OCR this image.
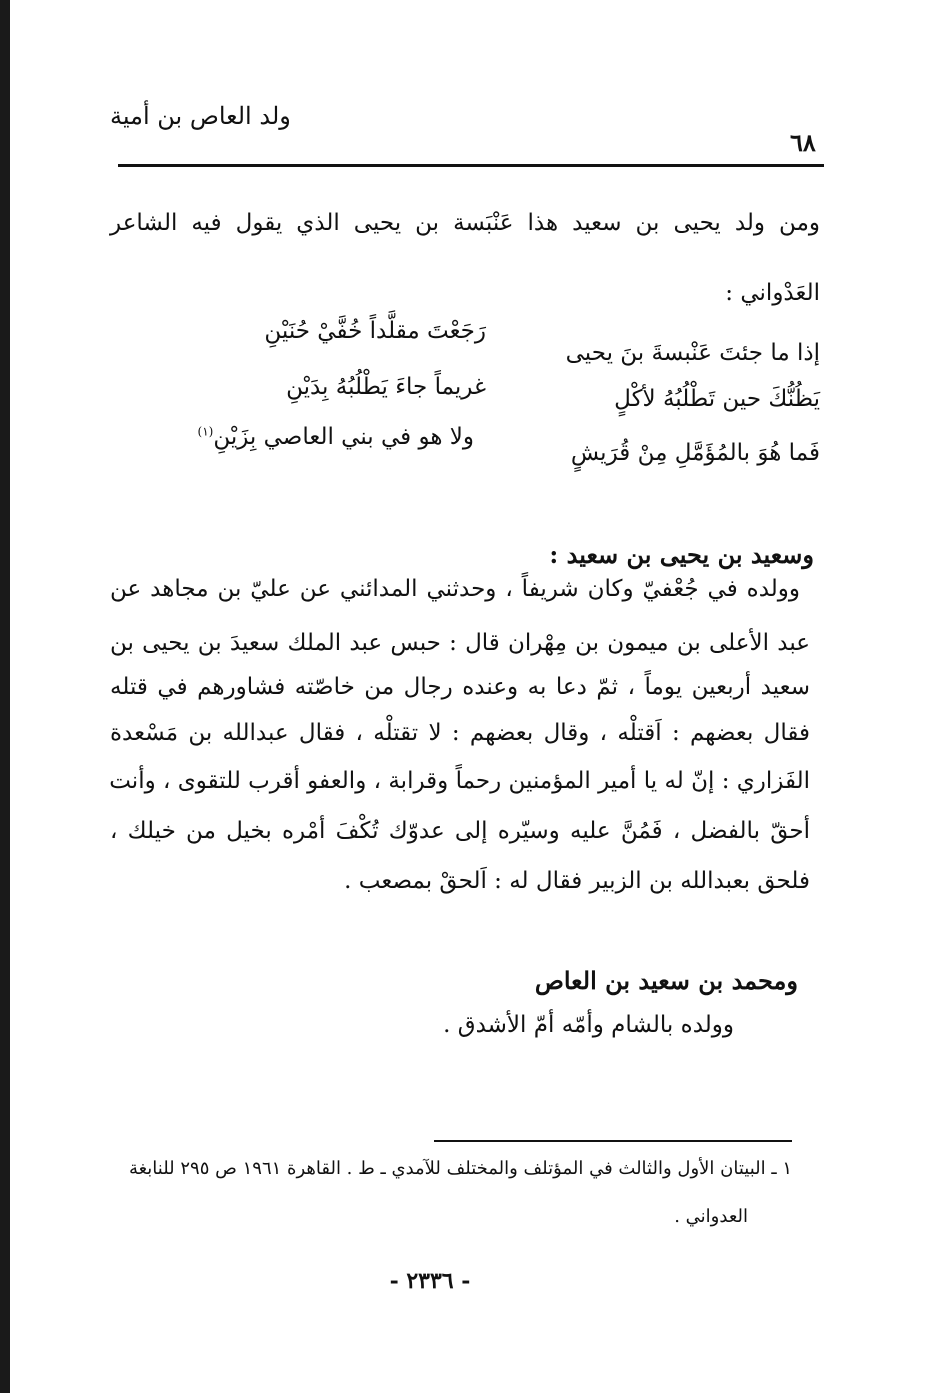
ولد العاص بن أمية
٦٨
ومن ولد يحيى بن سعيد هذا عَنْبَسة بن يحيى الذي يقول فيه الشاعر
العَدْواني :
إذا ما جئتَ عَنْبسةَ بنَ يحيى
رَجَعْتَ مقلَّداً خُفَّيْ حُنَيْنِ
يَظُنُّكَ حين تَطْلُبُهُ لأكْلٍ
غريماً جاءَ يَطْلُبُهُ بِدَيْنِ
فَما هُوَ بالمُؤَمَّلِ مِنْ قُرَيشٍ
ولا هو في بني العاصي بِزَيْنِ$^{(١)}$
وسعيد بن يحيى بن سعيد :
وولده في جُعْفيّ وكان شريفاً ، وحدثني المدائني عن عليّ بن مجاهد عن
عبد الأعلى بن ميمون بن مِهْران قال : حبس عبد الملك سعيدَ بن يحيى بن
سعيد أربعين يوماً ، ثمّ دعا به وعنده رجال من خاصّته فشاورهم في قتله
فقال بعضهم : اَقتلْه ، وقال بعضهم : لا تقتلْه ، فقال عبدالله بن مَسْعدة
الفَزاري : إنّ له يا أمير المؤمنين رحماً وقرابة ، والعفو أقرب للتقوى ، وأنت
أحقّ بالفضل ، فَمُنَّ عليه وسيّره إلى عدوّك تُكْفَ أمْره بخيل من خيلك ،
فلحق بعبدالله بن الزبير فقال له : اَلحقْ بمصعب .
ومحمد بن سعيد بن العاص
وولده بالشام وأمّه أمّ الأشدق .
١ ـ البيتان الأول والثالث في المؤتلف والمختلف للآمدي ـ ط . القاهرة ١٩٦١ ص ٢٩٥ للنابغة
العدواني .
- ٢٣٣٦ -
